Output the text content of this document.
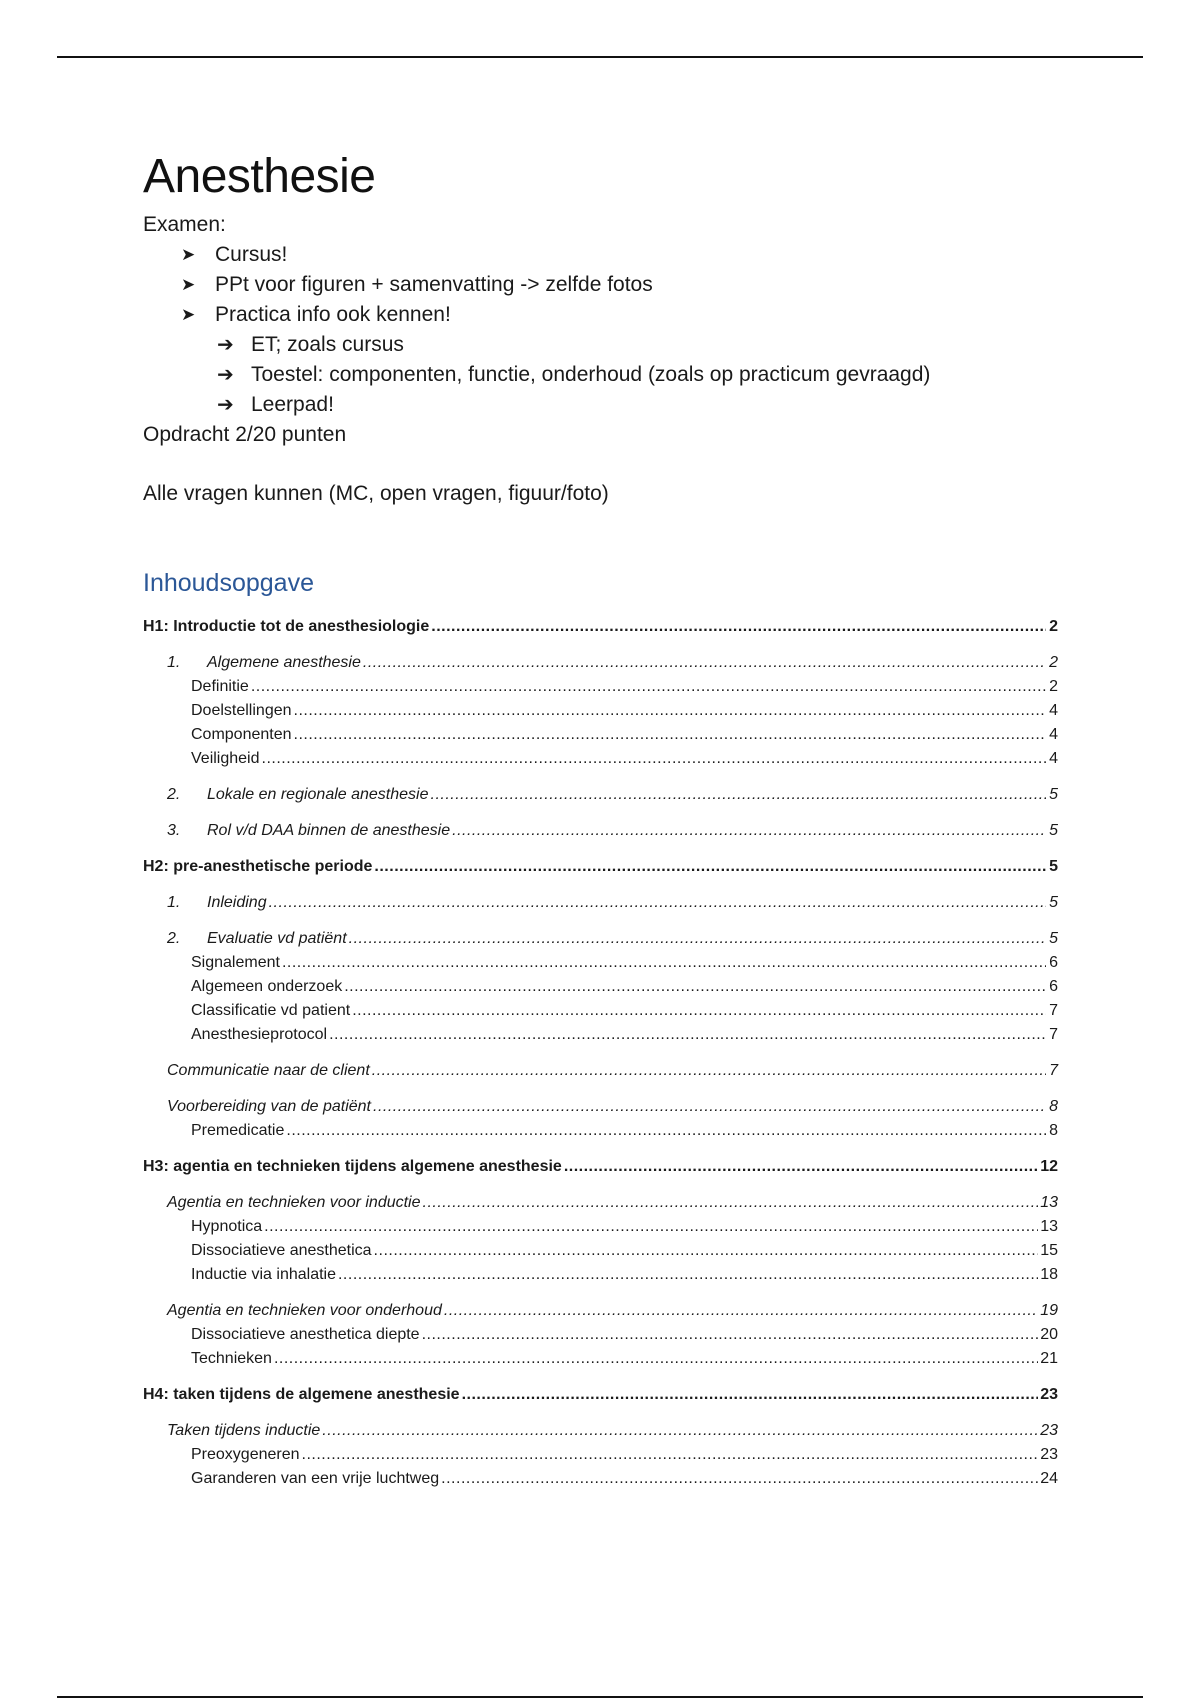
Anesthesie
Examen:
➤ Cursus!
➤ PPt voor figuren + samenvatting -> zelfde fotos
➤ Practica info ook kennen!
➔ ET; zoals cursus
➔ Toestel: componenten, functie, onderhoud (zoals op practicum gevraagd)
➔ Leerpad!
Opdracht 2/20 punten
Alle vragen kunnen (MC, open vragen, figuur/foto)
Inhoudsopgave
H1: Introductie tot de anesthesiologie .....	2
1.	Algemene anesthesie .....	2
Definitie .....	2
Doelstellingen .....	4
Componenten .....	4
Veiligheid .....	4
2.	Lokale en regionale anesthesie .....	5
3.	Rol v/d DAA binnen de anesthesie .....	5
H2: pre-anesthetische periode .....	5
1.	Inleiding .....	5
2.	Evaluatie vd patiënt .....	5
Signalement .....	6
Algemeen onderzoek .....	6
Classificatie vd patient .....	7
Anesthesieprotocol .....	7
Communicatie naar de client .....	7
Voorbereiding van de patiënt .....	8
Premedicatie .....	8
H3: agentia en technieken tijdens algemene anesthesie .....	12
Agentia en technieken voor inductie .....	13
Hypnotica .....	13
Dissociatieve anesthetica .....	15
Inductie via inhalatie .....	18
Agentia en technieken voor onderhoud .....	19
Dissociatieve anesthetica diepte .....	20
Technieken .....	21
H4: taken tijdens de algemene anesthesie .....	23
Taken tijdens inductie .....	23
Preoxygeneren .....	23
Garanderen van een vrije luchtweg .....	24
